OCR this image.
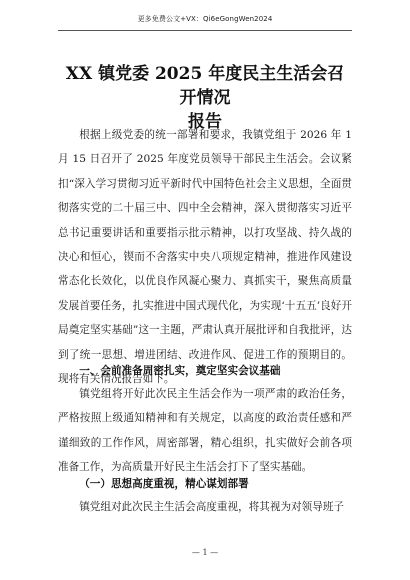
更多免费公文+VX：Qi6eGongWen2024
XX 镇党委 2025 年度民主生活会召开情况
报告

根据上级党委的统一部署和要求，我镇党组于 2026 年 1 月 15 日召开了 2025 年度党员领导干部民主生活会。会议紧扣“深入学习贯彻习近平新时代中国特色社会主义思想，全面贯彻落实党的二十届三中、四中全会精神，深入贯彻落实习近平总书记重要讲话和重要指示批示精神，以打攻坚战、持久战的决心和恒心，锲而不舍落实中央八项规定精神，推进作风建设常态化长效化，以优良作风凝心聚力、真抓实干，聚焦高质量发展首要任务，扎实推进中国式现代化，为实现‘十五五’良好开局奠定坚实基础”这一主题，严肃认真开展批评和自我批评，达到了统一思想、增进团结、改进作风、促进工作的预期目的。现将有关情况报告如下。

一、会前准备周密扎实，奠定坚实会议基础

镇党组将开好此次民主生活会作为一项严肃的政治任务，严格按照上级通知精神和有关规定，以高度的政治责任感和严谨细致的工作作风，周密部署，精心组织，扎实做好会前各项准备工作，为高质量开好民主生活会打下了坚实基础。

（一）思想高度重视，精心谋划部署

镇党组对此次民主生活会高度重视，将其视为对领导班子

— 1 —
